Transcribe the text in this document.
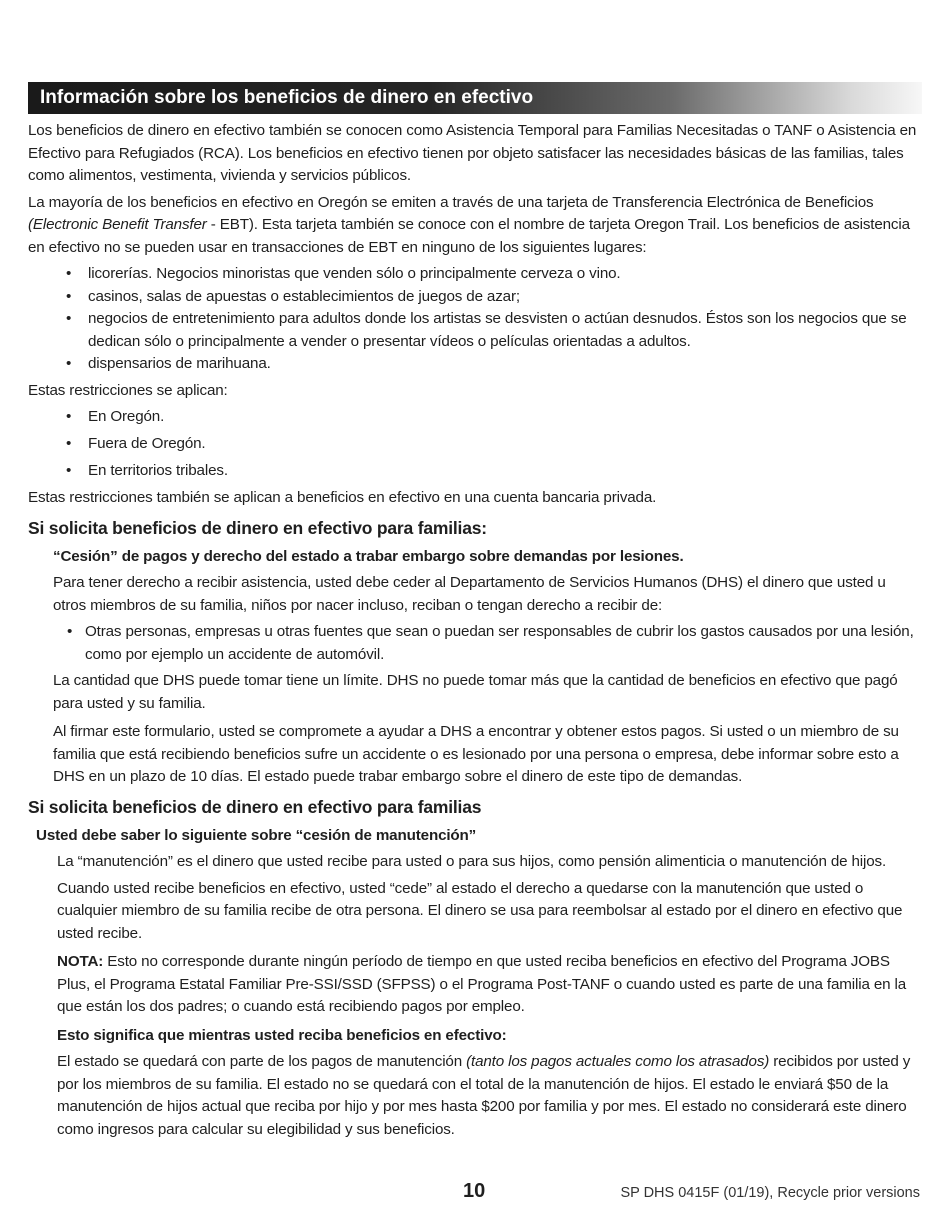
Información sobre los beneficios de dinero en efectivo

Los beneficios de dinero en efectivo también se conocen como Asistencia Temporal para Familias Necesitadas o TANF o Asistencia en Efectivo para Refugiados (RCA). Los beneficios en efectivo tienen por objeto satisfacer las necesidades básicas de las familias, tales como alimentos, vestimenta, vivienda y servicios públicos.

La mayoría de los beneficios en efectivo en Oregón se emiten a través de una tarjeta de Transferencia Electrónica de Beneficios (Electronic Benefit Transfer - EBT). Esta tarjeta también se conoce con el nombre de tarjeta Oregon Trail. Los beneficios de asistencia en efectivo no se pueden usar en transacciones de EBT en ninguno de los siguientes lugares:

• licorerías. Negocios minoristas que venden sólo o principalmente cerveza o vino.
• casinos, salas de apuestas o establecimientos de juegos de azar;
• negocios de entretenimiento para adultos donde los artistas se desvisten o actúan desnudos. Éstos son los negocios que se dedican sólo o principalmente a vender o presentar vídeos o películas orientadas a adultos.
• dispensarios de marihuana.

Estas restricciones se aplican:

• En Oregón.
• Fuera de Oregón.
• En territorios tribales.

Estas restricciones también se aplican a beneficios en efectivo en una cuenta bancaria privada.

Si solicita beneficios de dinero en efectivo para familias:
“Cesión” de pagos y derecho del estado a trabar embargo sobre demandas por lesiones.

Para tener derecho a recibir asistencia, usted debe ceder al Departamento de Servicios Humanos (DHS) el dinero que usted u otros miembros de su familia, niños por nacer incluso, reciban o tengan derecho a recibir de:

• Otras personas, empresas u otras fuentes que sean o puedan ser responsables de cubrir los gastos causados por una lesión, como por ejemplo un accidente de automóvil.

La cantidad que DHS puede tomar tiene un límite. DHS no puede tomar más que la cantidad de beneficios en efectivo que pagó para usted y su familia.

Al firmar este formulario, usted se compromete a ayudar a DHS a encontrar y obtener estos pagos. Si usted o un miembro de su familia que está recibiendo beneficios sufre un accidente o es lesionado por una persona o empresa, debe informar sobre esto a DHS en un plazo de 10 días. El estado puede trabar embargo sobre el dinero de este tipo de demandas.

Si solicita beneficios de dinero en efectivo para familias
Usted debe saber lo siguiente sobre “cesión de manutención”

La “manutención” es el dinero que usted recibe para usted o para sus hijos, como pensión alimenticia o manutención de hijos.

Cuando usted recibe beneficios en efectivo, usted “cede” al estado el derecho a quedarse con la manutención que usted o cualquier miembro de su familia recibe de otra persona. El dinero se usa para reembolsar al estado por el dinero en efectivo que usted recibe.

NOTA: Esto no corresponde durante ningún período de tiempo en que usted reciba beneficios en efectivo del Programa JOBS Plus, el Programa Estatal Familiar Pre-SSI/SSD (SFPSS) o el Programa Post-TANF o cuando usted es parte de una familia en la que están los dos padres; o cuando está recibiendo pagos por empleo.

Esto significa que mientras usted reciba beneficios en efectivo:

El estado se quedará con parte de los pagos de manutención (tanto los pagos actuales como los atrasados) recibidos por usted y por los miembros de su familia. El estado no se quedará con el total de la manutención de hijos. El estado le enviará $50 de la manutención de hijos actual que reciba por hijo y por mes hasta $200 por familia y por mes. El estado no considerará este dinero como ingresos para calcular su elegibilidad y sus beneficios.

10	SP DHS 0415F (01/19), Recycle prior versions
